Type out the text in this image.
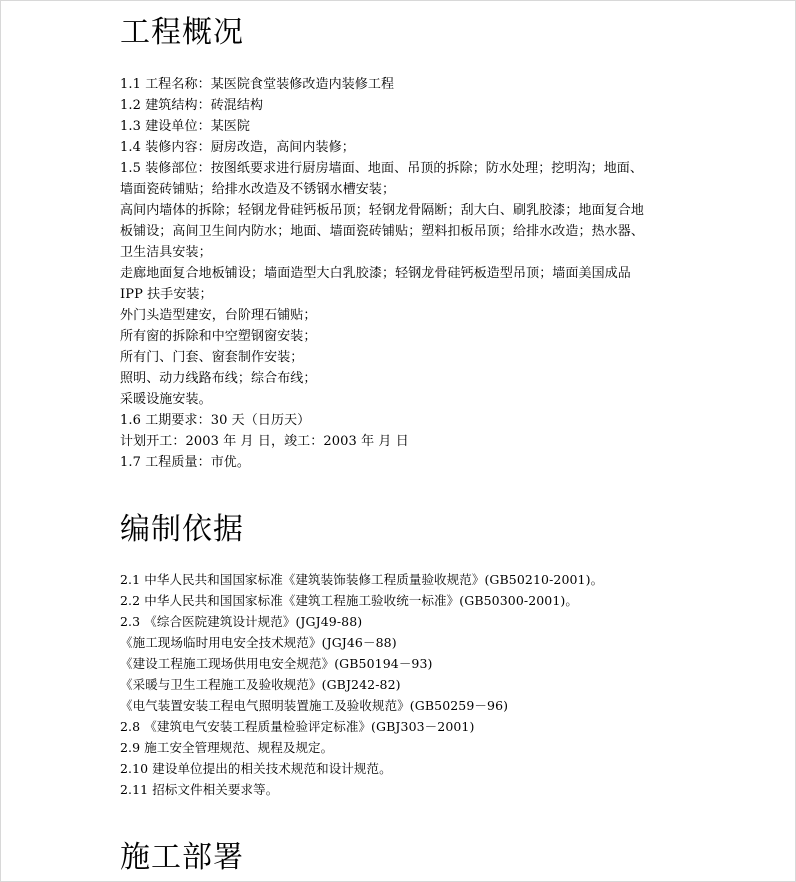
工程概况
1.1 工程名称：某医院食堂装修改造内装修工程
1.2 建筑结构：砖混结构
1.3 建设单位：某医院
1.4 装修内容：厨房改造，高间内装修；
1.5 装修部位：按图纸要求进行厨房墙面、地面、吊顶的拆除；防水处理；挖明沟；地面、
墙面瓷砖铺贴；给排水改造及不锈钢水槽安装；
高间内墙体的拆除；轻钢龙骨硅钙板吊顶；轻钢龙骨隔断；刮大白、刷乳胶漆；地面复合地
板铺设；高间卫生间内防水；地面、墙面瓷砖铺贴；塑料扣板吊顶；给排水改造；热水器、
卫生洁具安装；
走廊地面复合地板铺设；墙面造型大白乳胶漆；轻钢龙骨硅钙板造型吊顶；墙面美国成品
IPP 扶手安装；
外门头造型建安，台阶理石铺贴；
所有窗的拆除和中空塑钢窗安装；
所有门、门套、窗套制作安装；
照明、动力线路布线；综合布线；
采暖设施安装。
1.6 工期要求：30 天（日历天）
计划开工：2003 年 月 日，竣工：2003 年 月 日
1.7 工程质量：市优。
编制依据
2.1 中华人民共和国国家标准《建筑装饰装修工程质量验收规范》(GB50210-2001)。
2.2 中华人民共和国国家标准《建筑工程施工验收统一标准》(GB50300-2001)。
2.3 《综合医院建筑设计规范》(JGJ49-88)
《施工现场临时用电安全技术规范》(JGJ46－88)
《建设工程施工现场供用电安全规范》(GB50194－93)
《采暖与卫生工程施工及验收规范》(GBJ242-82)
《电气装置安装工程电气照明装置施工及验收规范》(GB50259－96)
2.8 《建筑电气安装工程质量检验评定标准》(GBJ303－2001)
2.9 施工安全管理规范、规程及规定。
2.10 建设单位提出的相关技术规范和设计规范。
2.11 招标文件相关要求等。
施工部署
